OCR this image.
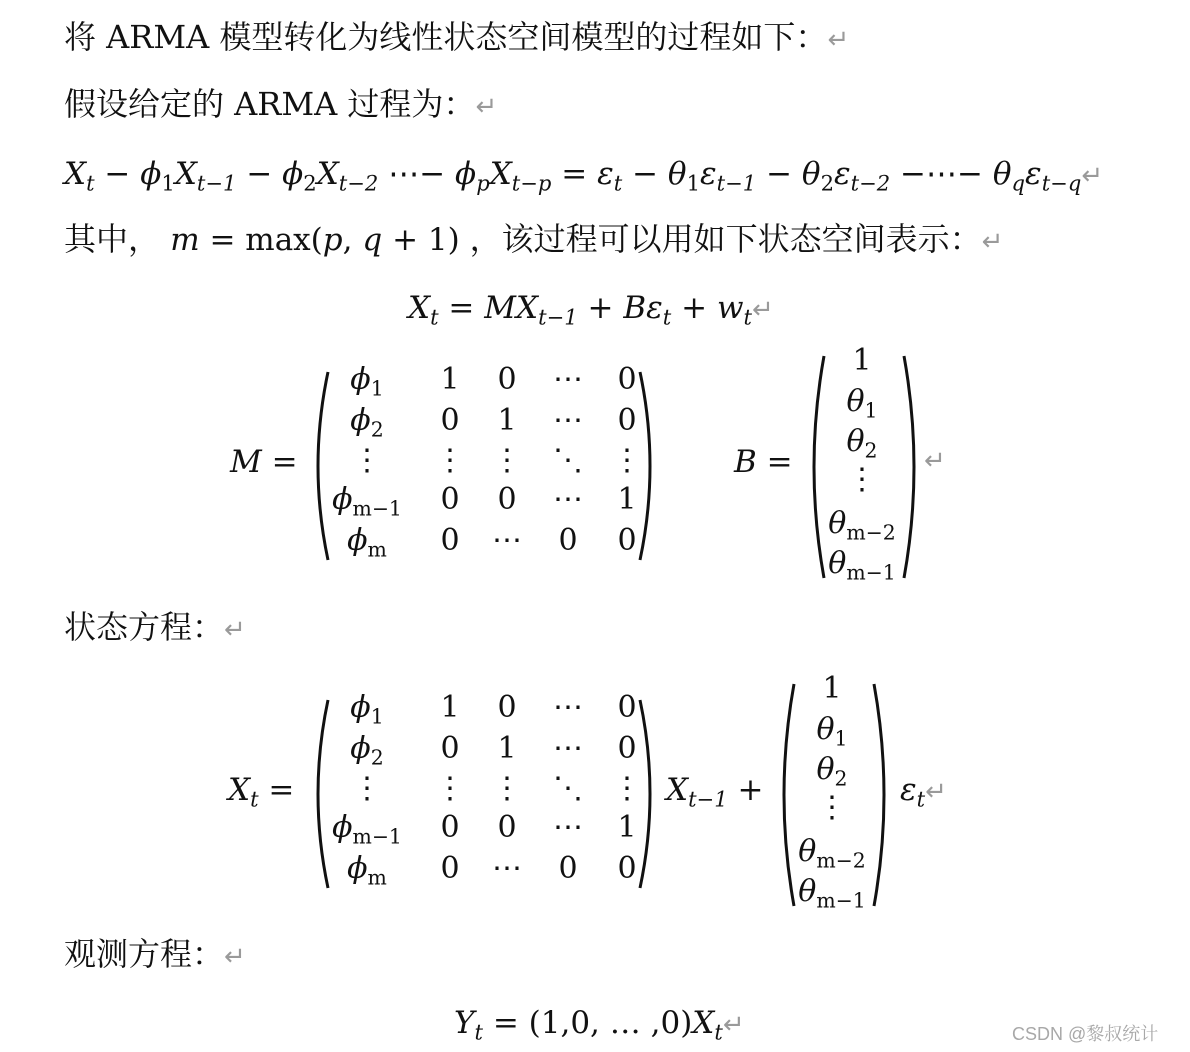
将 ARMA 模型转化为线性状态空间模型的过程如下：↵
假设给定的 ARMA 过程为：↵
$X_t - \phi_1X_{t-1} - \phi_2X_{t-2}$ ⋯− $\phi_pX_{t-p} = \varepsilon_t - \theta_1\varepsilon_{t-1} - \theta_2\varepsilon_{t-2}$ −⋯− $\theta_q\varepsilon_{t-q}↵$
其中， m = max(p, q + 1) ，该过程可以用如下状态空间表示：↵
$X_t = MX_{t-1} + B\varepsilon_t$ + $w_t↵$
M =
$\phi_1$	1	0	⋯	0
$\phi_2$	0	1	⋯	0
⋮	⋮ ⋮	⋱ ⋮
$\phi_{m-1}$	0	0	⋯	1
$\phi_m$	0	⋯	0	0
B =
1
$\theta_1$
$\theta_2$
⋮
$\theta_{m-2}$
$\theta_{m-1}$
↵
状态方程：↵
$X_t$ =
$\phi_1$	1	0	⋯	0
$\phi_2$	0	1	⋯	0
⋮	⋮ ⋮	⋱ ⋮
$\phi_{m-1}$	0	0	⋯	1
$\phi_m$	0	⋯	0	0
$X_{t-1}$ +
1
$\theta_1$
$\theta_2$
⋮
$\theta_{m-2}$
$\theta_{m-1}$
$\varepsilon_t↵$
观测方程：↵
$Y_t = (1,0$, … $,0)X_t↵$	CSDN @黎叔统计
